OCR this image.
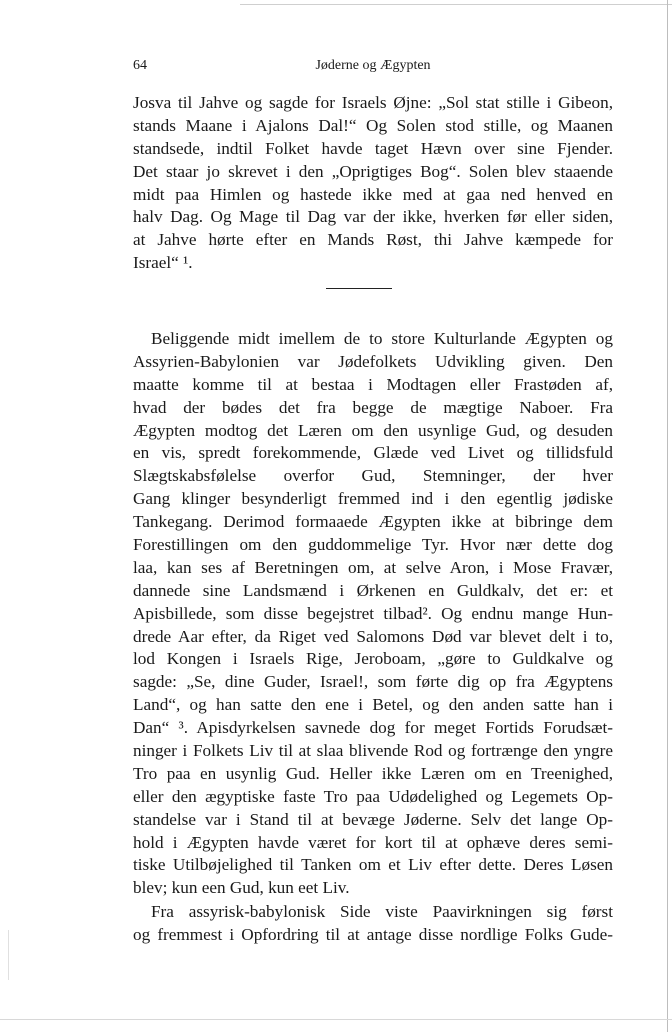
64	Jøderne og Ægypten
Josva til Jahve og sagde for Israels Øjne: „Sol stat stille i Gibeon,
stands Maane i Ajalons Dal!“ Og Solen stod stille, og Maanen
standsede, indtil Folket havde taget Hævn over sine Fjender.
Det staar jo skrevet i den „Oprigtiges Bog“. Solen blev staaende
midt paa Himlen og hastede ikke med at gaa ned henved en
halv Dag. Og Mage til Dag var der ikke, hverken før eller siden,
at Jahve hørte efter en Mands Røst, thi Jahve kæmpede for
Israel“ ¹.
Beliggende midt imellem de to store Kulturlande Ægypten og
Assyrien-Babylonien var Jødefolkets Udvikling given. Den
maatte komme til at bestaa i Modtagen eller Frastøden af,
hvad der bødes det fra begge de mægtige Naboer. Fra
Ægypten modtog det Læren om den usynlige Gud, og desuden
en vis, spredt forekommende, Glæde ved Livet og tillidsfuld
Slægtskabsfølelse overfor Gud, Stemninger, der hver
Gang klinger besynderligt fremmed ind i den egentlig jødiske
Tankegang. Derimod formaaede Ægypten ikke at bibringe dem
Forestillingen om den guddommelige Tyr. Hvor nær dette dog
laa, kan ses af Beretningen om, at selve Aron, i Mose Fravær,
dannede sine Landsmænd i Ørkenen en Guldkalv, det er: et
Apisbillede, som disse begejstret tilbad². Og endnu mange Hun-
drede Aar efter, da Riget ved Salomons Død var blevet delt i to,
lod Kongen i Israels Rige, Jeroboam, „gøre to Guldkalve og
sagde: „Se, dine Guder, Israel!, som førte dig op fra Ægyptens
Land“, og han satte den ene i Betel, og den anden satte han i
Dan“ ³. Apisdyrkelsen savnede dog for meget Fortids Forudsæt-
ninger i Folkets Liv til at slaa blivende Rod og fortrænge den yngre
Tro paa en usynlig Gud. Heller ikke Læren om en Treenighed,
eller den ægyptiske faste Tro paa Udødelighed og Legemets Op-
standelse var i Stand til at bevæge Jøderne. Selv det lange Op-
hold i Ægypten havde været for kort til at ophæve deres semi-
tiske Utilbøjelighed til Tanken om et Liv efter dette. Deres Løsen
blev; kun een Gud, kun eet Liv.
Fra assyrisk-babylonisk Side viste Paavirkningen sig først
og fremmest i Opfordring til at antage disse nordlige Folks Gude-
